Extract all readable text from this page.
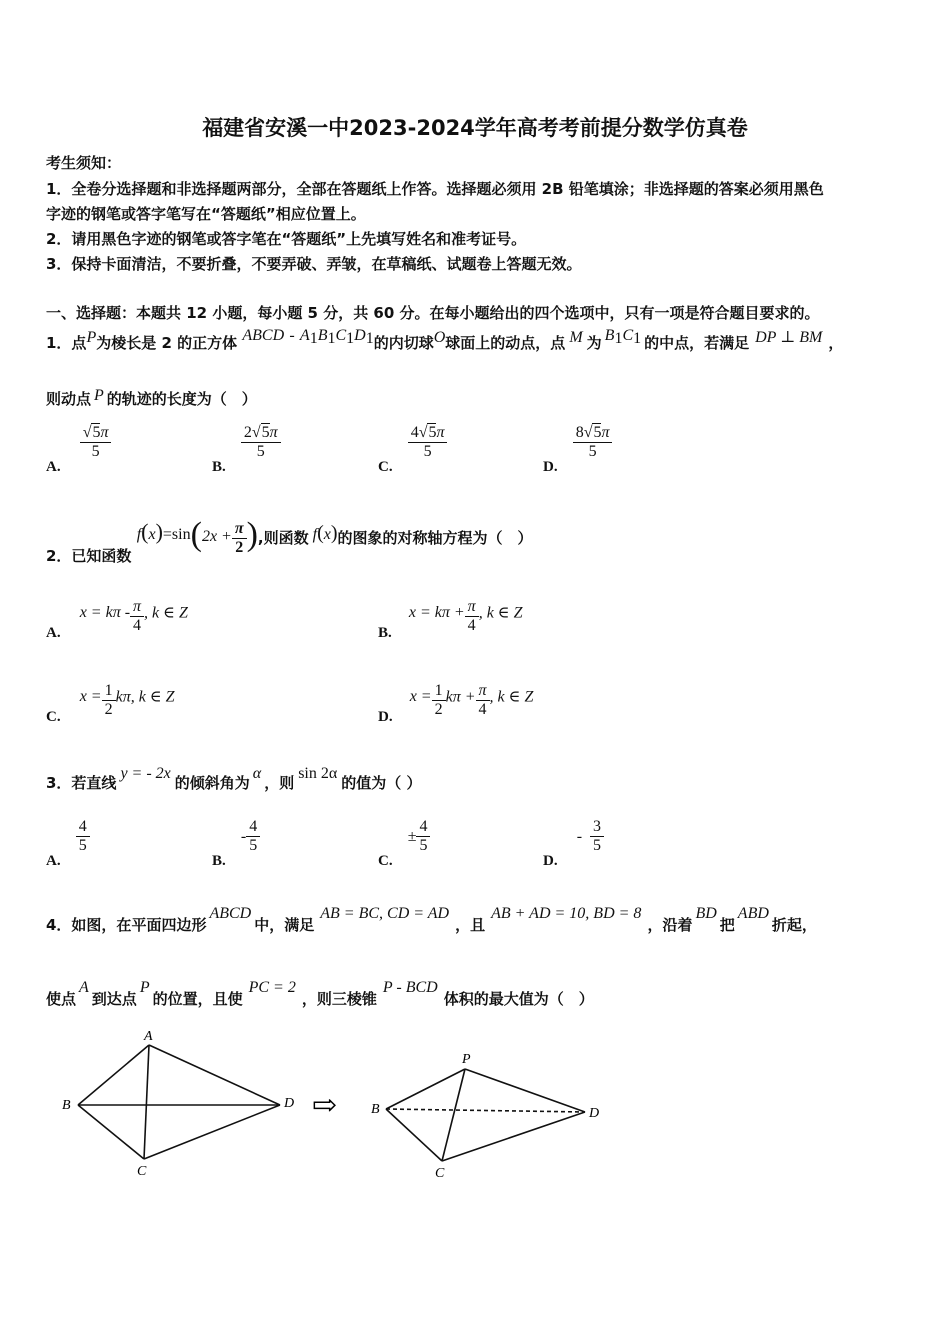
福建省安溪一中2023-2024学年高考考前提分数学仿真卷
考生须知：
1．全卷分选择题和非选择题两部分，全部在答题纸上作答。选择题必须用 2B 铅笔填涂；非选择题的答案必须用黑色
字迹的钢笔或答字笔写在“答题纸”相应位置上。
2．请用黑色字迹的钢笔或答字笔在“答题纸”上先填写姓名和准考证号。
3．保持卡面清洁，不要折叠，不要弄破、弄皱，在草稿纸、试题卷上答题无效。
一、选择题：本题共 12 小题，每小题 5 分，共 60 分。在每小题给出的四个选项中，只有一项是符合题目要求的。
1．点P为棱长是 2 的正方体 ABCD - $A_1B_1C_1D_1$的内切球O球面上的动点，点 M 为 $B_1C_1$ 的中点，若满足 DP ⊥ BM ，
则动点 P 的轨迹的长度为（　）
A.
$\frac{√5\pi}{5}$
B.
$\frac{2√5\pi}{5}$
C.
$\frac{4√5\pi}{5}$
D.
$\frac{8√5\pi}{5}$
2．已知函数 $f(x)=\sin(2x + \frac{\pi}{2}$ ),则函数 f(x)的图象的对称轴方程为（　）
A. $x = k\pi - \frac{\pi}{4}$ , k ∈ Z
B. $x = k\pi + \frac{\pi}{4}$ , k ∈ Z
C. $x = \frac{1}{2} k\pi$, k ∈ Z
D. $x = \frac{1}{2}$ $k\pi + \frac{\pi}{4}$ , k ∈ Z
3．若直线y = - 2x的倾斜角为α，则sin 2α的值为（ ）
A.
$\frac{4}{5}$
B. - $\frac{4}{5}$
C. ± $\frac{4}{5}$
D. - $\frac{3}{5}$
4．如图，在平面四边形ABCD中，满足AB = BC, CD = AD，且AB + AD = 10, BD = 8，沿着BD把ABD折起，
使点A到达点P的位置，且使PC = 2，则三棱锥P - BCD体积的最大值为（　）
A
B
C
D ⇨
P
B
C
D
